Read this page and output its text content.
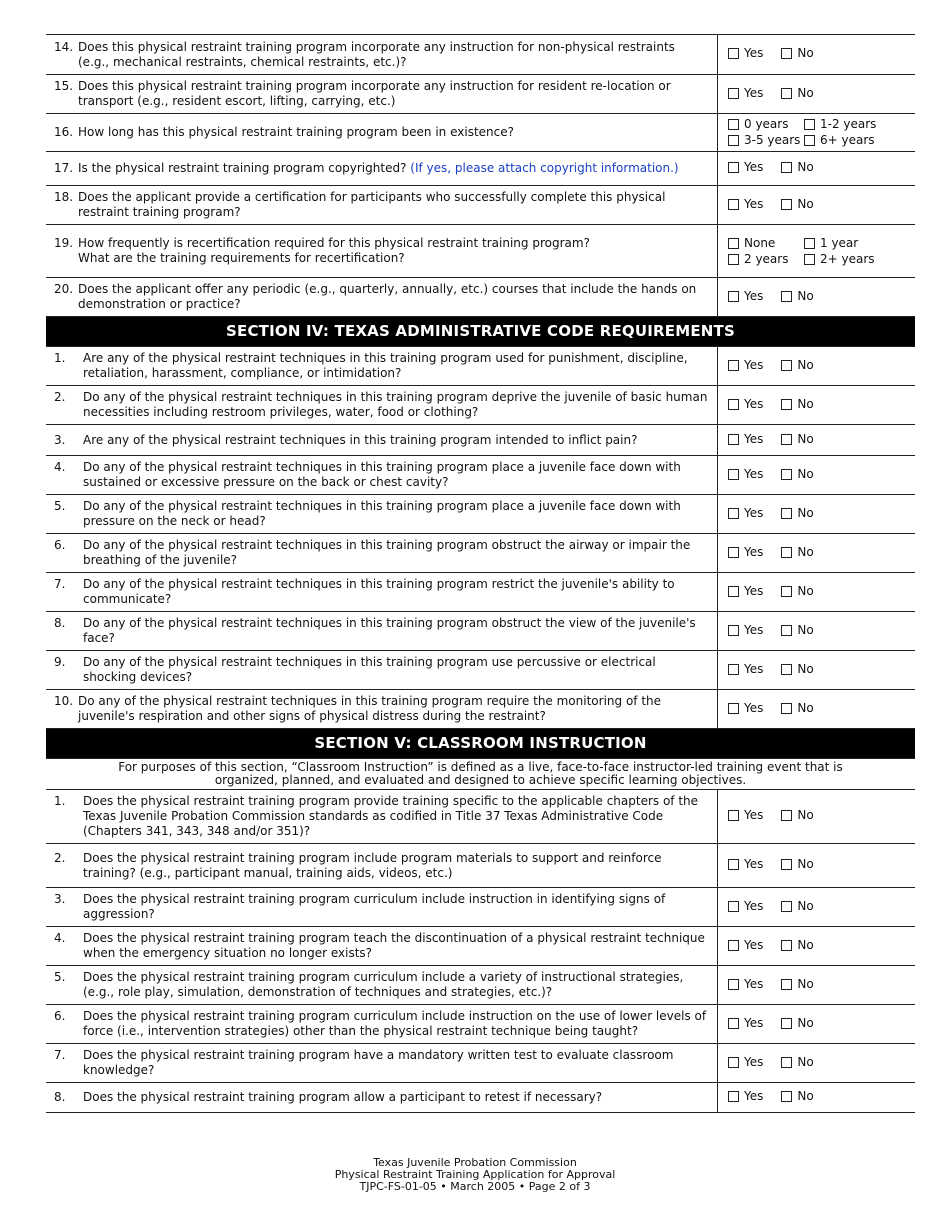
14. Does this physical restraint training program incorporate any instruction for non-physical restraints (e.g., mechanical restraints, chemical restraints, etc.)?	Yes No

15. Does this physical restraint training program incorporate any instruction for resident re-location or transport (e.g., resident escort, lifting, carrying, etc.)	Yes No

16. How long has this physical restraint training program been in existence?	0 years 1-2 years
3-5 years 6+ years

17. Is the physical restraint training program copyrighted? (If yes, please attach copyright information.)	Yes No

18. Does the applicant provide a certification for participants who successfully complete this physical restraint training program?	Yes No

19. How frequently is recertification required for this physical restraint training program?
What are the training requirements for recertification?	None 1 year
2 years 2+ years

20. Does the applicant offer any periodic (e.g., quarterly, annually, etc.) courses that include the hands on demonstration or practice?	Yes No

SECTION IV: TEXAS ADMINISTRATIVE CODE REQUIREMENTS	

1. Are any of the physical restraint techniques in this training program used for punishment, discipline, retaliation, harassment, compliance, or intimidation?	Yes No

2. Do any of the physical restraint techniques in this training program deprive the juvenile of basic human necessities including restroom privileges, water, food or clothing?	Yes No

3. Are any of the physical restraint techniques in this training program intended to inflict pain?	Yes No

4. Do any of the physical restraint techniques in this training program place a juvenile face down with sustained or excessive pressure on the back or chest cavity?	Yes No

5. Do any of the physical restraint techniques in this training program place a juvenile face down with pressure on the neck or head?	Yes No

6. Do any of the physical restraint techniques in this training program obstruct the airway or impair the breathing of the juvenile?	Yes No

7. Do any of the physical restraint techniques in this training program restrict the juvenile's ability to communicate?	Yes No

8. Do any of the physical restraint techniques in this training program obstruct the view of the juvenile's face?	Yes No

9. Do any of the physical restraint techniques in this training program use percussive or electrical shocking devices?	Yes No

10. Do any of the physical restraint techniques in this training program require the monitoring of the juvenile's respiration and other signs of physical distress during the restraint?	Yes No

SECTION V: CLASSROOM INSTRUCTION	
For purposes of this section, “Classroom Instruction” is defined as a live, face-to-face instructor-led training event that is organized, planned, and evaluated and designed to achieve specific learning objectives.	

1. Does the physical restraint training program provide training specific to the applicable chapters of the Texas Juvenile Probation Commission standards as codified in Title 37 Texas Administrative Code (Chapters 341, 343, 348 and/or 351)?	Yes No

2. Does the physical restraint training program include program materials to support and reinforce training? (e.g., participant manual, training aids, videos, etc.)	Yes No

3. Does the physical restraint training program curriculum include instruction in identifying signs of aggression?	Yes No

4. Does the physical restraint training program teach the discontinuation of a physical restraint technique when the emergency situation no longer exists?	Yes No

5. Does the physical restraint training program curriculum include a variety of instructional strategies, (e.g., role play, simulation, demonstration of techniques and strategies, etc.)?	Yes No

6. Does the physical restraint training program curriculum include instruction on the use of lower levels of force (i.e., intervention strategies) other than the physical restraint technique being taught?	Yes No

7. Does the physical restraint training program have a mandatory written test to evaluate classroom knowledge?	Yes No

8. Does the physical restraint training program allow a participant to retest if necessary?	Yes No
Texas Juvenile Probation Commission
Physical Restraint Training Application for Approval
TJPC-FS-01-05 • March 2005 • Page 2 of 3
